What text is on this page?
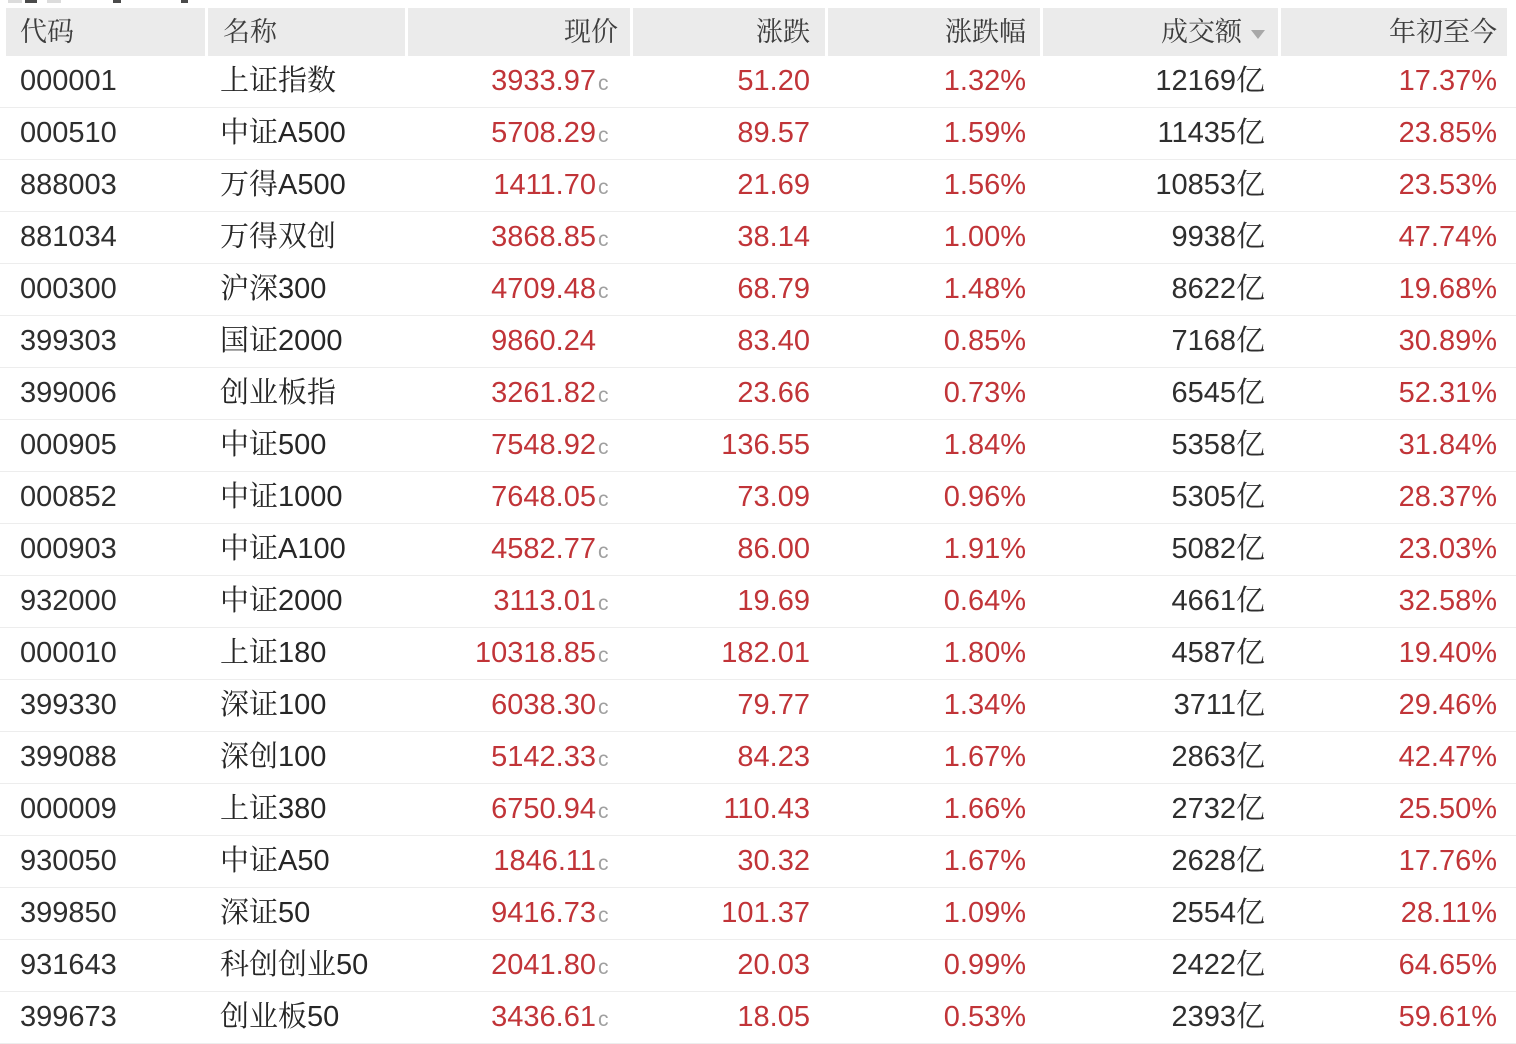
代码	名称	现价	涨跌	涨跌幅	成交额	年初至今
000001	上证指数	3933.97c	51.20	1.32%	12169亿	17.37%
000510	中证A500	5708.29c	89.57	1.59%	11435亿	23.85%
888003	万得A500	1411.70c	21.69	1.56%	10853亿	23.53%
881034	万得双创	3868.85c	38.14	1.00%	9938亿	47.74%
000300	沪深300	4709.48c	68.79	1.48%	8622亿	19.68%
399303	国证2000	9860.24	83.40	0.85%	7168亿	30.89%
399006	创业板指	3261.82c	23.66	0.73%	6545亿	52.31%
000905	中证500	7548.92c	136.55	1.84%	5358亿	31.84%
000852	中证1000	7648.05c	73.09	0.96%	5305亿	28.37%
000903	中证A100	4582.77c	86.00	1.91%	5082亿	23.03%
932000	中证2000	3113.01c	19.69	0.64%	4661亿	32.58%
000010	上证180	10318.85c	182.01	1.80%	4587亿	19.40%
399330	深证100	6038.30c	79.77	1.34%	3711亿	29.46%
399088	深创100	5142.33c	84.23	1.67%	2863亿	42.47%
000009	上证380	6750.94c	110.43	1.66%	2732亿	25.50%
930050	中证A50	1846.11c	30.32	1.67%	2628亿	17.76%
399850	深证50	9416.73c	101.37	1.09%	2554亿	28.11%
931643	科创创业50	2041.80c	20.03	0.99%	2422亿	64.65%
399673	创业板50	3436.61c	18.05	0.53%	2393亿	59.61%
